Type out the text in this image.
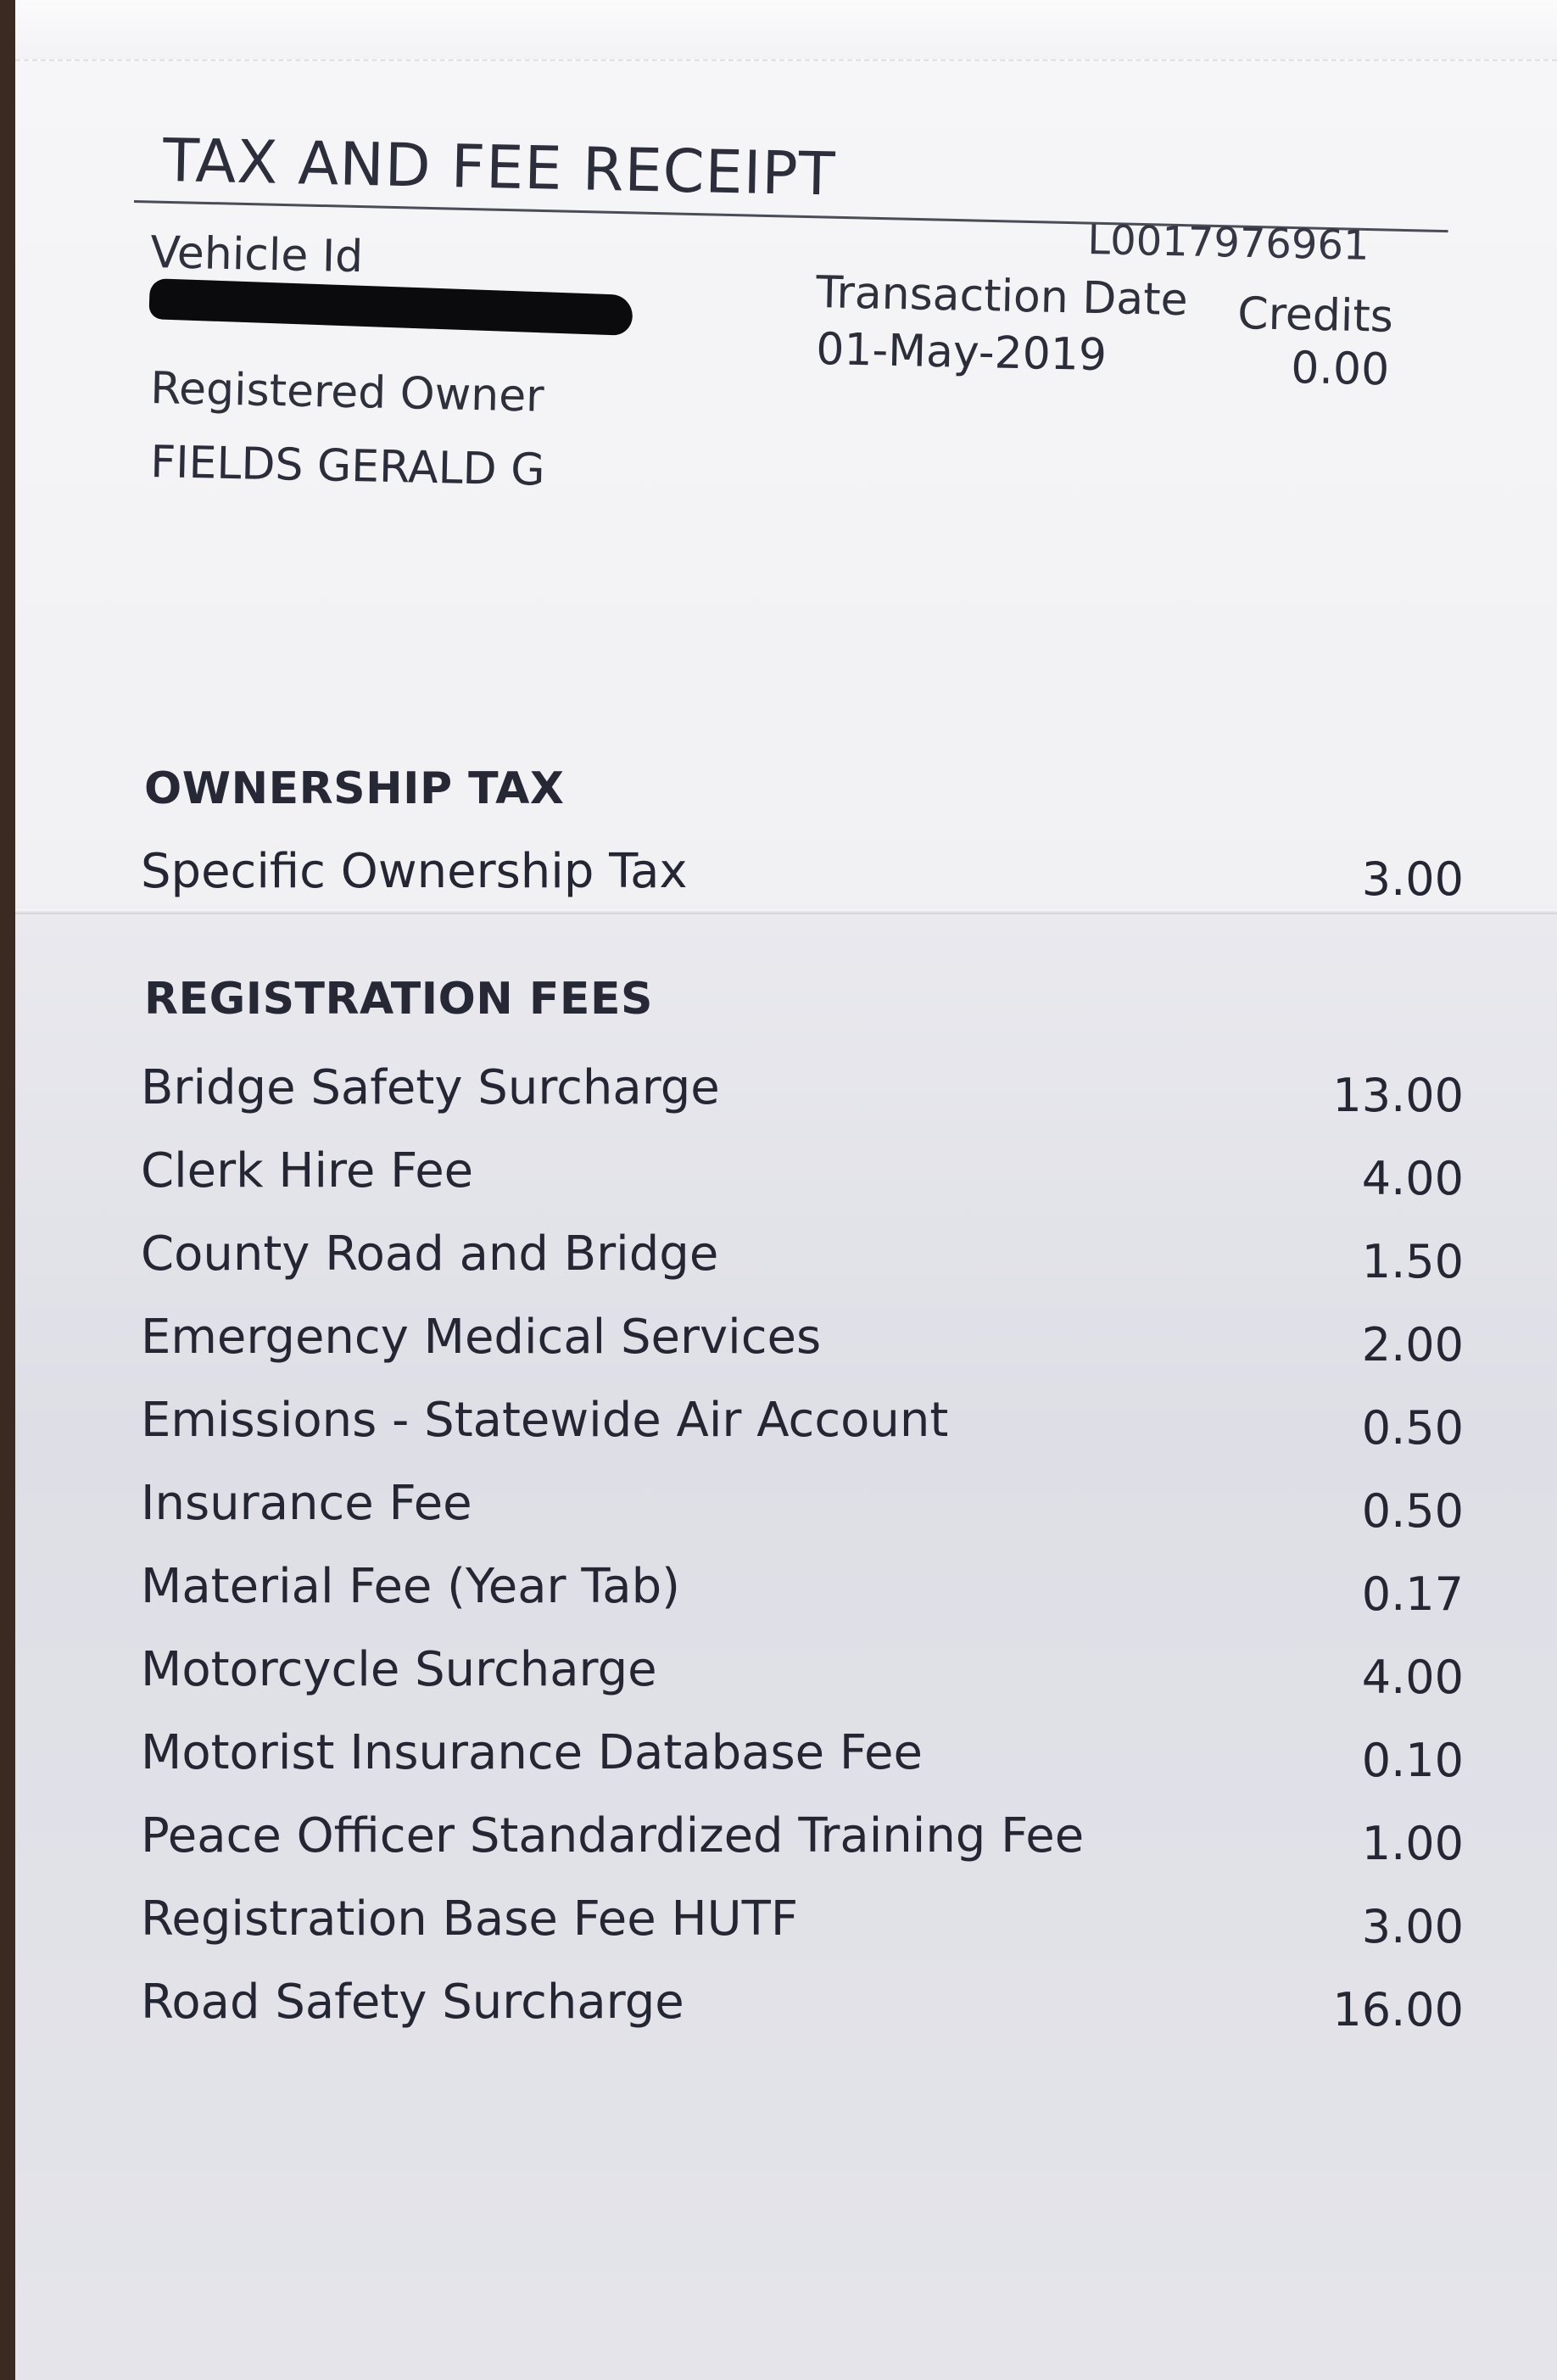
TAX AND FEE RECEIPT
L0017976961
Vehicle Id
Transaction Date
01-May-2019
Credits
0.00
Registered Owner
FIELDS GERALD G
OWNERSHIP TAX
Specific Ownership Tax	3.00
REGISTRATION FEES
Bridge Safety Surcharge	13.00
Clerk Hire Fee	4.00
County Road and Bridge	1.50
Emergency Medical Services	2.00
Emissions - Statewide Air Account	0.50
Insurance Fee	0.50
Material Fee (Year Tab)	0.17
Motorcycle Surcharge	4.00
Motorist Insurance Database Fee	0.10
Peace Officer Standardized Training Fee	1.00
Registration Base Fee HUTF	3.00
Road Safety Surcharge	16.00
